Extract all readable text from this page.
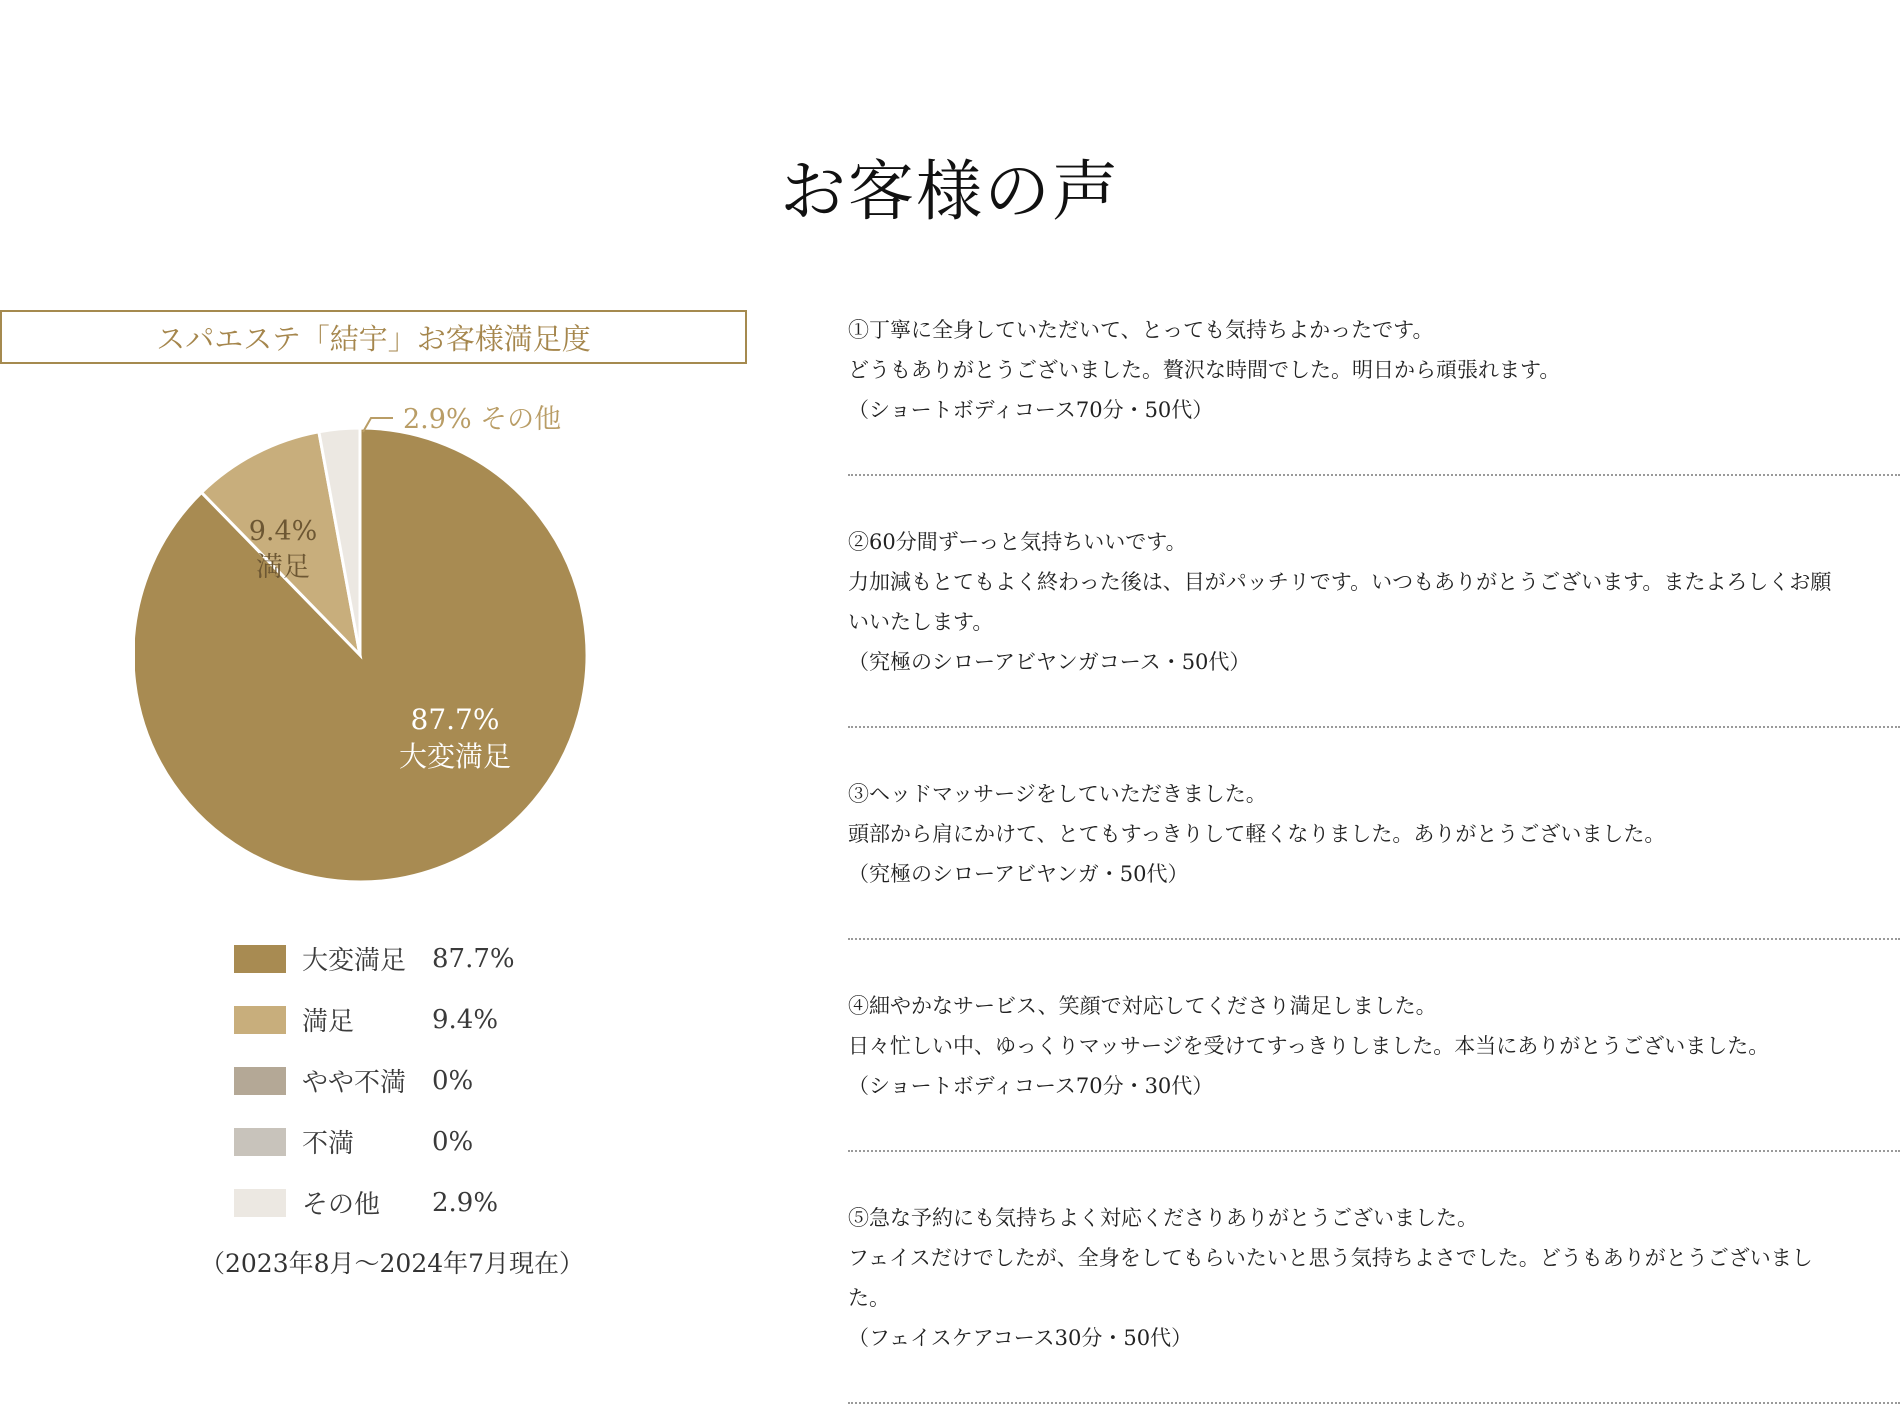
お客様の声
スパエステ「結宇」お客様満足度
2.9% その他
9.4%
満足
87.7%
大変満足
大変満足 87.7%
満足	9.4%
やや不満 0%
不満	0%
その他	2.9%
（2023年8月～2024年7月現在）

①丁寧に全身していただいて、とっても気持ちよかったです。

どうもありがとうございました。贅沢な時間でした。明日から頑張れます。

（ショートボディコース70分・50代）

②60分間ずーっと気持ちいいです。

力加減もとてもよく終わった後は、目がパッチリです。いつもありがとうございます。またよろしくお願

いいたします。

（究極のシローアビヤンガコース・50代）

③ヘッドマッサージをしていただきました。

頭部から肩にかけて、とてもすっきりして軽くなりました。ありがとうございました。

（究極のシローアビヤンガ・50代）

④細やかなサービス、笑顔で対応してくださり満足しました。

日々忙しい中、ゆっくりマッサージを受けてすっきりしました。本当にありがとうございました。

（ショートボディコース70分・30代）

⑤急な予約にも気持ちよく対応くださりありがとうございました。

フェイスだけでしたが、全身をしてもらいたいと思う気持ちよさでした。どうもありがとうございまし

た。

（フェイスケアコース30分・50代）
